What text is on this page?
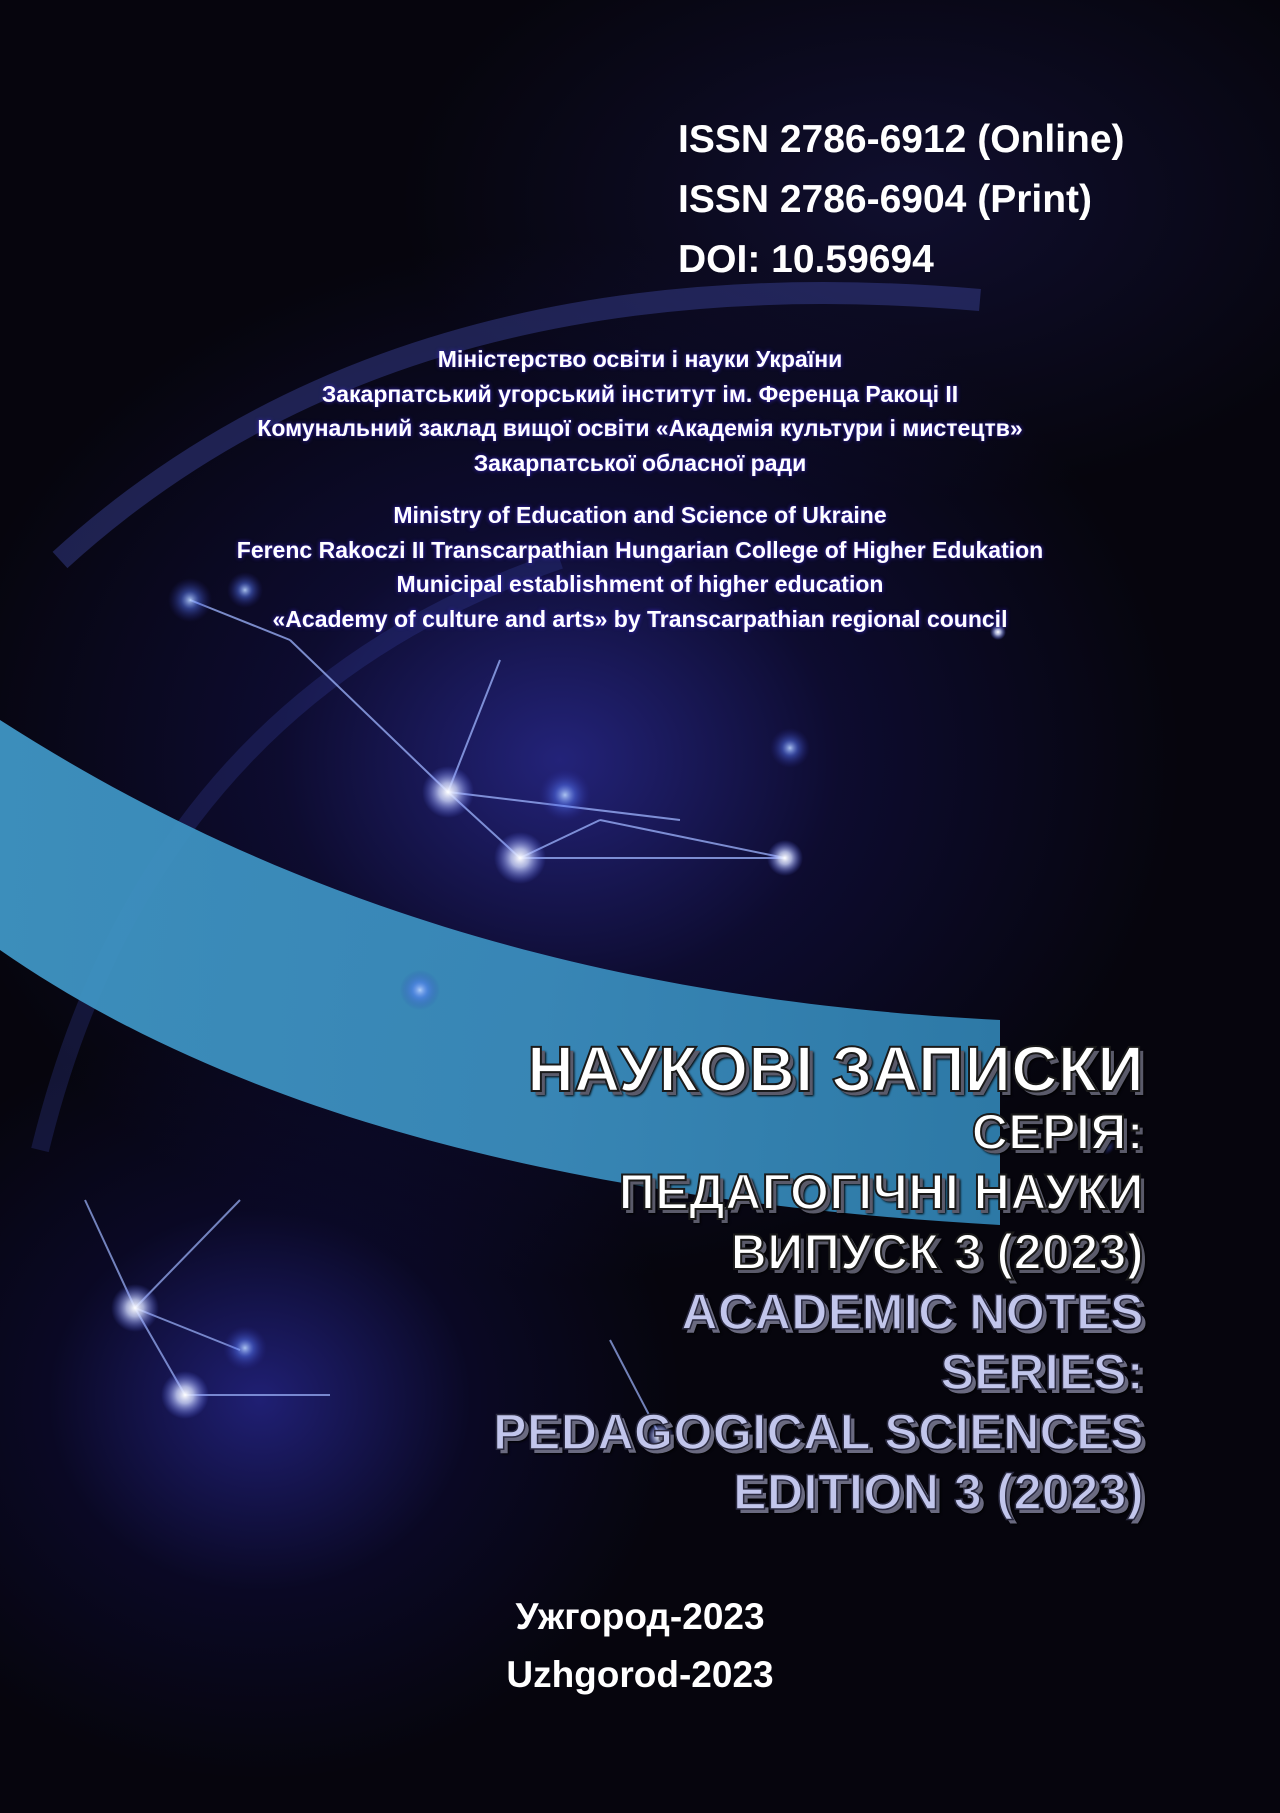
ISSN 2786-6912 (Online)
ISSN 2786-6904 (Print)
DOI: 10.59694
Міністерство освіти і науки України
Закарпатський угорський інститут ім. Ференца Ракоці II
Комунальний заклад вищої освіти «Академія культури і мистецтв»
Закарпатської обласної ради
Ministry of Education and Science of Ukraine
Ferenc Rakoczi II Transcarpathian Hungarian College of Higher Edukation
Municipal establishment of higher education
«Academy of culture and arts» by Transcarpathian regional council
НАУКОВІ ЗАПИСКИ
СЕРІЯ:
ПЕДАГОГІЧНІ НАУКИ
ВИПУСК 3 (2023)
ACADEMIC NOTES
SERIES:
PEDAGOGICAL SCIENCES
EDITION 3 (2023)
Ужгород-2023
Uzhgorod-2023
